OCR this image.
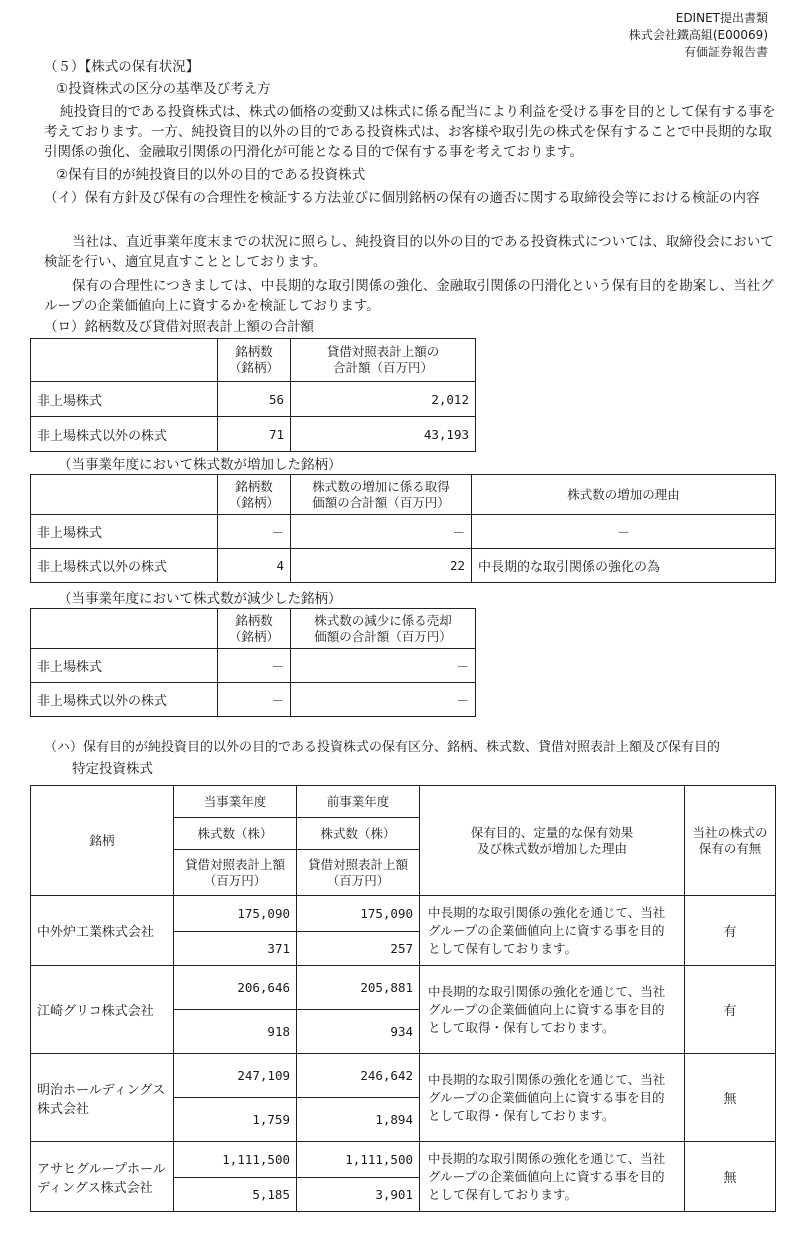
EDINET提出書類
株式会社鐵高組(E00069)
有価証券報告書
（５）【株式の保有状況】
①投資株式の区分の基準及び考え方
純投資目的である投資株式は、株式の価格の変動又は株式に係る配当により利益を受ける事を目的として保有する事を考えております。一方、純投資目的以外の目的である投資株式は、お客様や取引先の株式を保有することで中長期的な取引関係の強化、金融取引関係の円滑化が可能となる目的で保有する事を考えております。
②保有目的が純投資目的以外の目的である投資株式
（イ）保有方針及び保有の合理性を検証する方法並びに個別銘柄の保有の適否に関する取締役会等における検証の内容
当社は、直近事業年度末までの状況に照らし、純投資目的以外の目的である投資株式については、取締役会において検証を行い、適宜見直すこととしております。
保有の合理性につきましては、中長期的な取引関係の強化、金融取引関係の円滑化という保有目的を勘案し、当社グループの企業価値向上に資するかを検証しております。
（ロ）銘柄数及び貸借対照表計上額の合計額
	銘柄数
（銘柄）	貸借対照表計上額の
合計額（百万円）
非上場株式	56	2,012
非上場株式以外の株式	71	43,193
（当事業年度において株式数が増加した銘柄）
	銘柄数
（銘柄）	株式数の増加に係る取得
価額の合計額（百万円）	株式数の増加の理由
非上場株式	－	－	－
非上場株式以外の株式	4	22	中長期的な取引関係の強化の為
（当事業年度において株式数が減少した銘柄）
	銘柄数
（銘柄）	株式数の減少に係る売却
価額の合計額（百万円）
非上場株式	－	－
非上場株式以外の株式	－	－
（ハ）保有目的が純投資目的以外の目的である投資株式の保有区分、銘柄、株式数、貸借対照表計上額及び保有目的
特定投資株式
銘柄	当事業年度	前事業年度	保有目的、定量的な保有効果
及び株式数が増加した理由	当社の株式の
保有の有無
	株式数（株）	株式数（株）		
	貸借対照表計上額
（百万円）	貸借対照表計上額
（百万円）		
中外炉工業株式会社	175,090	175,090	中長期的な取引関係の強化を通じて、当社グループの企業価値向上に資する事を目的として保有しております。	有
	371	257		
江崎グリコ株式会社	206,646	205,881	中長期的な取引関係の強化を通じて、当社グループの企業価値向上に資する事を目的として取得・保有しております。	有
	918	934		
明治ホールディングス株式会社	247,109	246,642	中長期的な取引関係の強化を通じて、当社グループの企業価値向上に資する事を目的として取得・保有しております。	無
	1,759	1,894		
アサヒグループホールディングス株式会社	1,111,500	1,111,500	中長期的な取引関係の強化を通じて、当社グループの企業価値向上に資する事を目的として保有しております。	無
	5,185	3,901		
